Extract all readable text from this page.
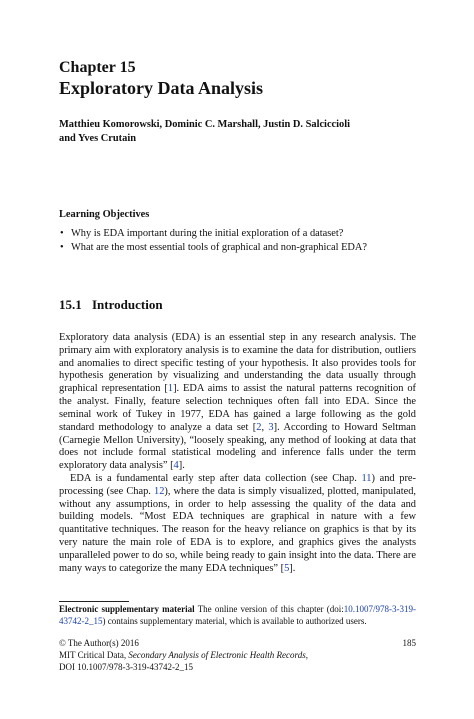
Chapter 15
Exploratory Data Analysis
Matthieu Komorowski, Dominic C. Marshall, Justin D. Salciccioli
and Yves Crutain
Learning Objectives
• Why is EDA important during the initial exploration of a dataset?
• What are the most essential tools of graphical and non-graphical EDA?
15.1 Introduction

Exploratory data analysis (EDA) is an essential step in any research analysis. The primary aim with exploratory analysis is to examine the data for distribution, outliers and anomalies to direct specific testing of your hypothesis. It also provides tools for hypothesis generation by visualizing and understanding the data usually through graphical representation [1]. EDA aims to assist the natural patterns recognition of the analyst. Finally, feature selection techniques often fall into EDA. Since the seminal work of Tukey in 1977, EDA has gained a large following as the gold standard methodology to analyze a data set [2, 3]. According to Howard Seltman (Carnegie Mellon University), “loosely speaking, any method of looking at data that does not include formal statistical modeling and inference falls under the term exploratory data analysis” [4].

EDA is a fundamental early step after data collection (see Chap. 11) and pre-processing (see Chap. 12), where the data is simply visualized, plotted, manipulated, without any assumptions, in order to help assessing the quality of the data and building models. “Most EDA techniques are graphical in nature with a few quantitative techniques. The reason for the heavy reliance on graphics is that by its very nature the main role of EDA is to explore, and graphics gives the analysts unparalleled power to do so, while being ready to gain insight into the data. There are many ways to categorize the many EDA techniques” [5].

Electronic supplementary material The online version of this chapter (doi:10.1007/978-3-319-43742-2_15) contains supplementary material, which is available to authorized users.
© The Author(s) 2016	185
MIT Critical Data, Secondary Analysis of Electronic Health Records,
DOI 10.1007/978-3-319-43742-2_15
